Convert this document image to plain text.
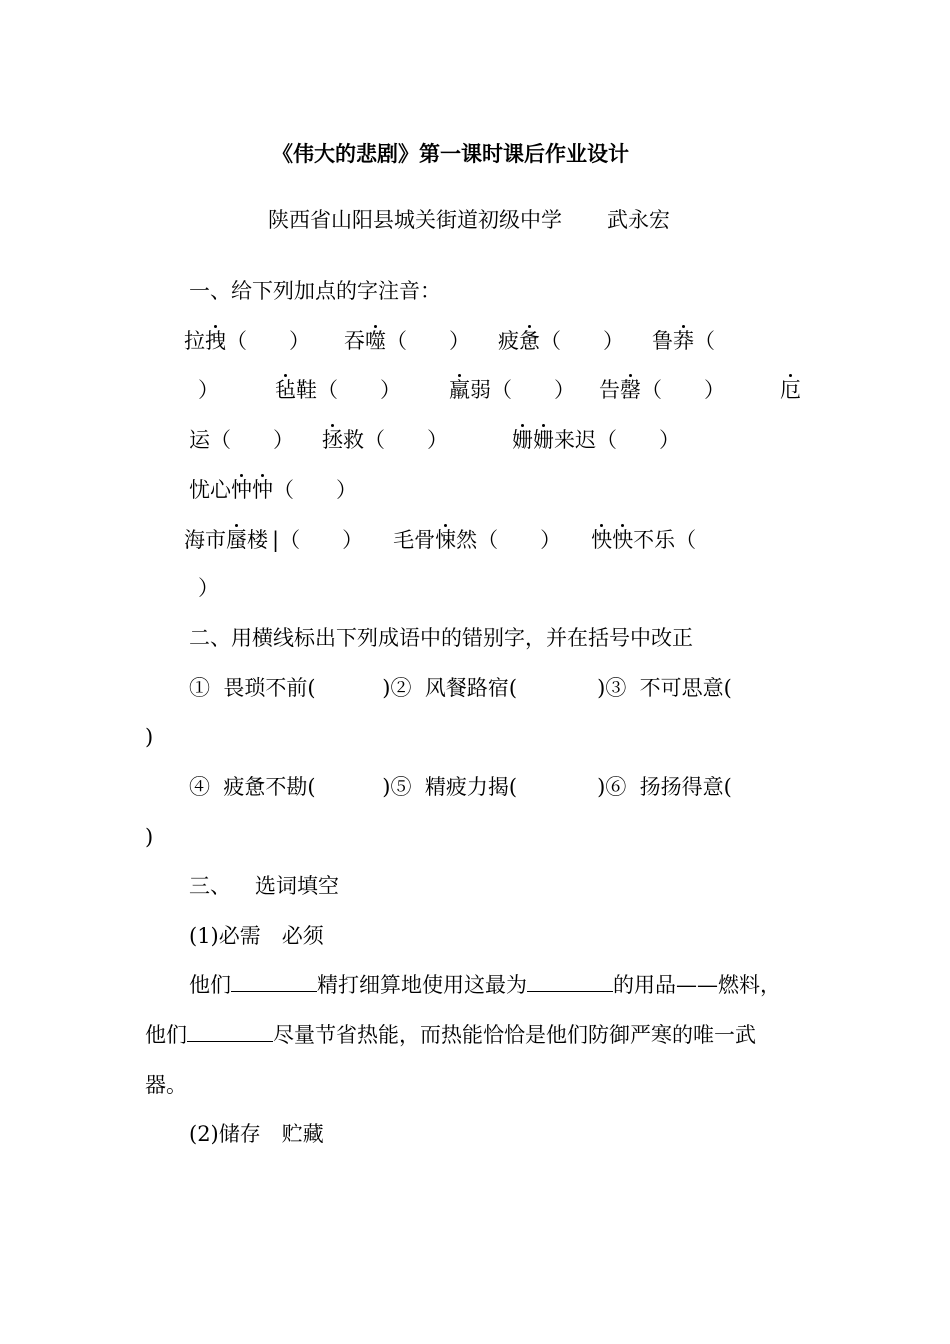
《伟大的悲剧》第一课时课后作业设计
陕西省山阳县城关街道初级中学 武永宏
一、给下列加点的字注音：
拉拽（　　） 吞噬（　　） 疲惫（　　） 鲁莽（
）	毡鞋（　　） 羸弱（　　） 告罄（　　）	厄
运（　　） 拯救（　　）	姗姗来迟（　　）
忧心忡忡（　　）
海市蜃楼 |（　　） 毛骨悚然（　　） 怏怏不乐（
）
二、用横线标出下列成语中的错别字，并在括号中改正
①  畏琐不前(          )②  风餐路宿(            )③  不可思意(
)
④  疲惫不勘(          )⑤  精疲力揭(            )⑥  扬扬得意(
)
三、 选词填空
(1)必需　必须
他们	精打细算地使用这最为	的用品——燃料，
他们	尽量节省热能，而热能恰恰是他们防御严寒的唯一武
器。
(2)储存　贮藏
